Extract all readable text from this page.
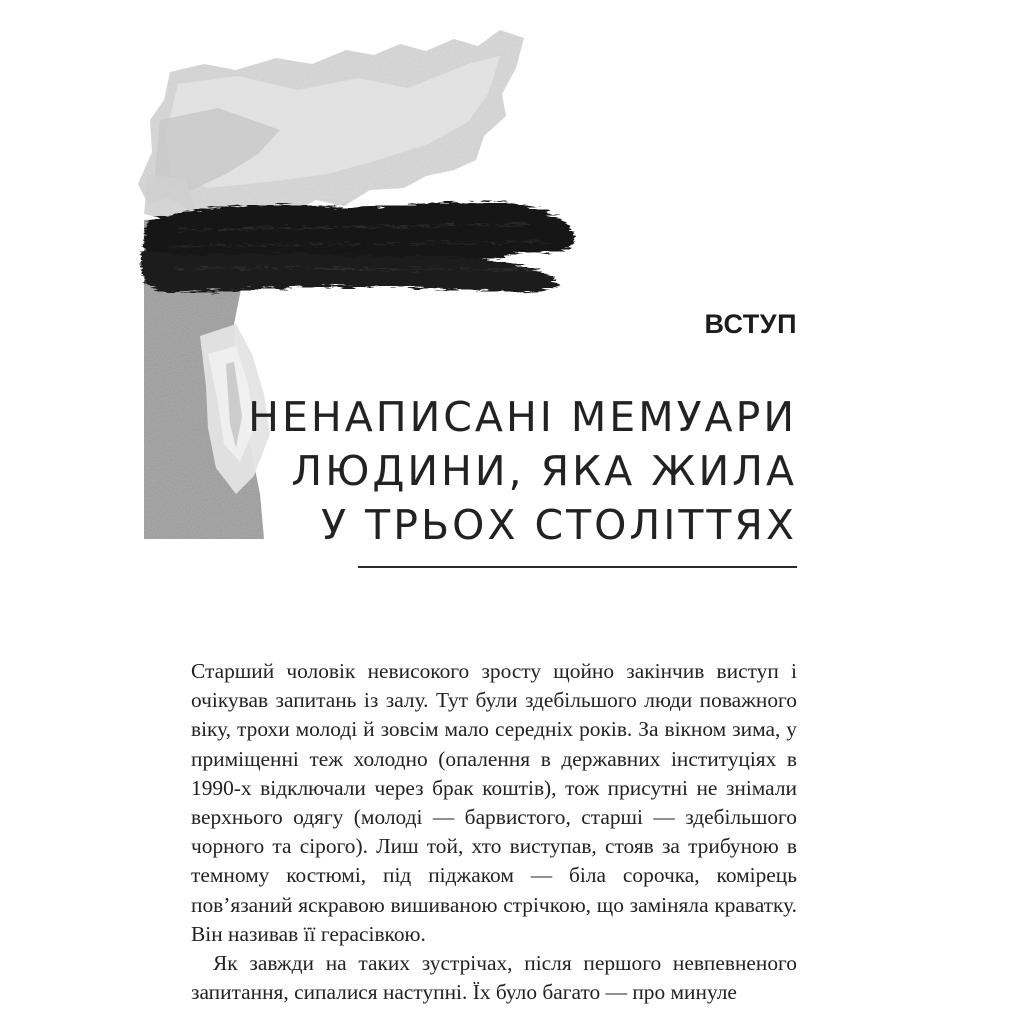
ВСТУП
НЕНАПИСАНІ МЕМУАРИ
ЛЮДИНИ, ЯКА ЖИЛА
У ТРЬОХ СТОЛІТТЯХ

Старший чоловік невисокого зросту щойно закінчив виступ і очікував запитань із залу. Тут були здебільшого люди поважного віку, трохи молоді й зовсім мало середніх років. За вікном зима, у приміщенні теж холодно (опалення в державних інституціях в 1990-х відключали через брак коштів), тож присутні не знімали верхнього одягу (молоді — барвистого, старші — здебільшого чорного та сірого). Лиш той, хто виступав, стояв за трибуною в темному костюмі, під піджаком — біла сорочка, комірець пов’язаний яскравою вишиваною стрічкою, що заміняла краватку. Він називав її герасівкою.

Як завжди на таких зустрічах, після першого невпевненого запитання, сипалися наступні. Їх було багато — про минуле
